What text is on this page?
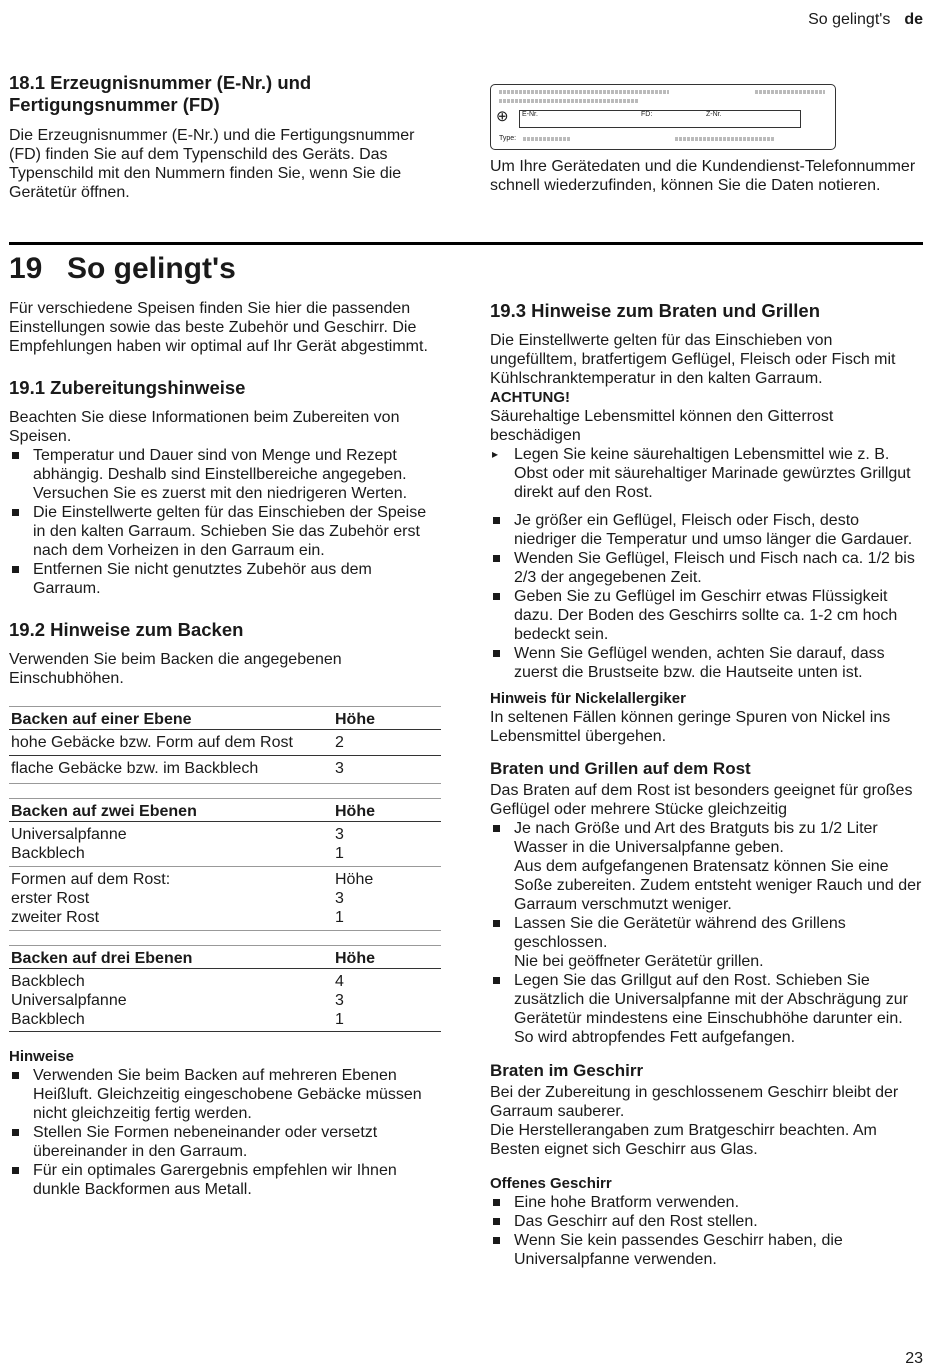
So gelingt's de
18.1 Erzeugnisnummer (E-Nr.) und Fertigungsnummer (FD)

Die Erzeugnisnummer (E-Nr.) und die Fertigungsnummer (FD) finden Sie auf dem Typenschild des Geräts. Das Typenschild mit den Nummern finden Sie, wenn Sie die Gerätetür öffnen.

⊕ E-Nr.	FD:	Z-Nr.
Type:

Um Ihre Gerätedaten und die Kundendienst-Telefonnummer schnell wiederzufinden, können Sie die Daten notieren.

19 So gelingt's

Für verschiedene Speisen finden Sie hier die passenden Einstellungen sowie das beste Zubehör und Geschirr. Die Empfehlungen haben wir optimal auf Ihr Gerät abgestimmt.

19.1 Zubereitungshinweise

Beachten Sie diese Informationen beim Zubereiten von Speisen.

Temperatur und Dauer sind von Menge und Rezept abhängig. Deshalb sind Einstellbereiche angegeben. Versuchen Sie es zuerst mit den niedrigeren Werten.
Die Einstellwerte gelten für das Einschieben der Speise in den kalten Garraum. Schieben Sie das Zubehör erst nach dem Vorheizen in den Garraum ein.
Entfernen Sie nicht genutztes Zubehör aus dem Garraum.
19.2 Hinweise zum Backen

Verwenden Sie beim Backen die angegebenen Einschubhöhen.

Backen auf einer Ebene	Höhe
hohe Gebäcke bzw. Form auf dem Rost	2
flache Gebäcke bzw. im Backblech	3
Backen auf zwei Ebenen	Höhe
Universalpfanne	3
Backblech	1
Formen auf dem Rost:	Höhe
erster Rost	3
zweiter Rost	1
Backen auf drei Ebenen	Höhe
Backblech	4
Universalpfanne	3
Backblech	1

Hinweise

Verwenden Sie beim Backen auf mehreren Ebenen Heißluft. Gleichzeitig eingeschobene Gebäcke müssen nicht gleichzeitig fertig werden.
Stellen Sie Formen nebeneinander oder versetzt übereinander in den Garraum.
Für ein optimales Garergebnis empfehlen wir Ihnen dunkle Backformen aus Metall.
19.3 Hinweise zum Braten und Grillen

Die Einstellwerte gelten für das Einschieben von ungefülltem, bratfertigem Geflügel, Fleisch oder Fisch mit Kühlschranktemperatur in den kalten Garraum.

ACHTUNG!

Säurehaltige Lebensmittel können den Gitterrost beschädigen

▸ Legen Sie keine säurehaltigen Lebensmittel wie z. B. Obst oder mit säurehaltiger Marinade gewürztes Grillgut direkt auf den Rost.
Je größer ein Geflügel, Fleisch oder Fisch, desto niedriger die Temperatur und umso länger die Gardauer.
Wenden Sie Geflügel, Fleisch und Fisch nach ca. 1/2 bis 2/3 der angegebenen Zeit.
Geben Sie zu Geflügel im Geschirr etwas Flüssigkeit dazu. Der Boden des Geschirrs sollte ca. 1-2 cm hoch bedeckt sein.
Wenn Sie Geflügel wenden, achten Sie darauf, dass zuerst die Brustseite bzw. die Hautseite unten ist.

Hinweis für Nickelallergiker

In seltenen Fällen können geringe Spuren von Nickel ins Lebensmittel übergehen.

Braten und Grillen auf dem Rost

Das Braten auf dem Rost ist besonders geeignet für großes Geflügel oder mehrere Stücke gleichzeitig

Je nach Größe und Art des Bratguts bis zu 1/2 Liter Wasser in die Universalpfanne geben.
Aus dem aufgefangenen Bratensatz können Sie eine Soße zubereiten. Zudem entsteht weniger Rauch und der Garraum verschmutzt weniger.
Lassen Sie die Gerätetür während des Grillens geschlossen.
Nie bei geöffneter Gerätetür grillen.
Legen Sie das Grillgut auf den Rost. Schieben Sie zusätzlich die Universalpfanne mit der Abschrägung zur Gerätetür mindestens eine Einschubhöhe darunter ein. So wird abtropfendes Fett aufgefangen.

Braten im Geschirr

Bei der Zubereitung in geschlossenem Geschirr bleibt der Garraum sauberer.

Die Herstellerangaben zum Bratgeschirr beachten. Am Besten eignet sich Geschirr aus Glas.

Offenes Geschirr

Eine hohe Bratform verwenden.
Das Geschirr auf den Rost stellen.
Wenn Sie kein passendes Geschirr haben, die Universalpfanne verwenden.
23
